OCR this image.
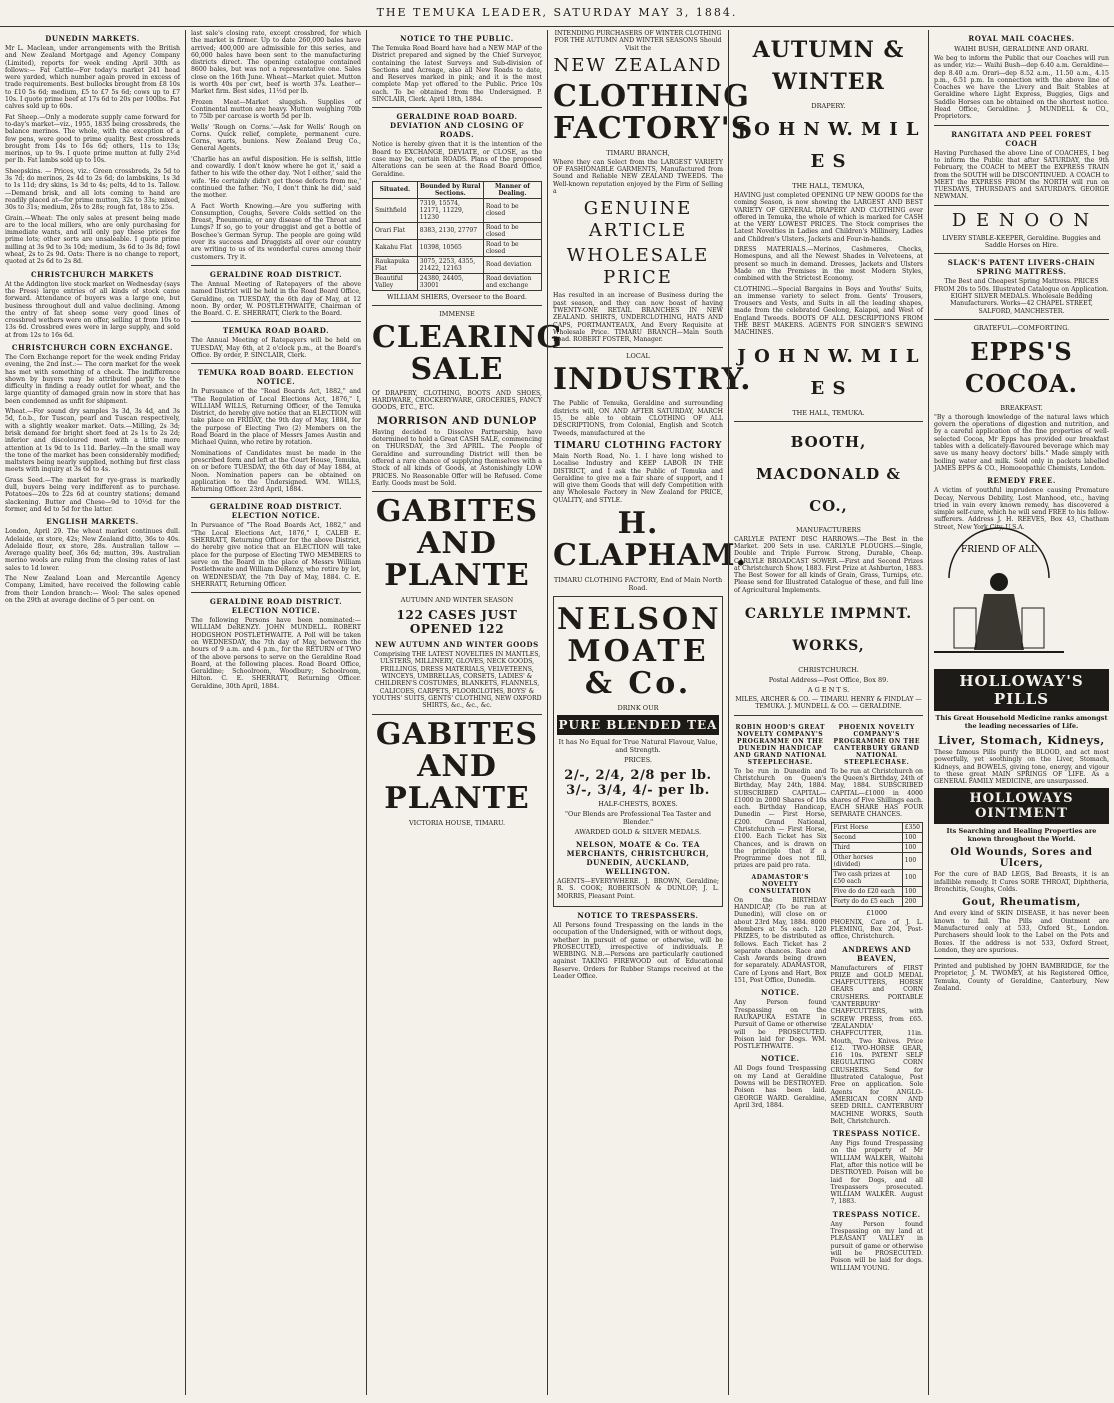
THE TEMUKA LEADER, SATURDAY MAY 3, 1884.
DUNEDIN MARKETS.

Mr L. Maclean, under arrangements with the British and New Zealand Mortgage and Agency Company (Limited), reports for week ending April 30th as follows:— Fat Cattle—For today's market 241 head were yarded, which number again proved in excess of trade requirements. Best bullocks brought from £8 10s to £10 5s 6d; medium, £5 to £7 5s 6d; cows up to £7 10s. I quote prime beef at 17s 6d to 20s per 100lbs. Fat calves sold up to 60s.

Fat Sheep.—Only a moderate supply came forward for to-day's market—viz., 1955, 1835 being crossbreds, the balance merinos. The whole, with the exception of a few pens, were good to prime quality. Best crossbreds brought from 14s to 16s 6d; others, 11s to 13s; merinos, up to 9s. I quote prime mutton at fully 2½d per lb. Fat lambs sold up to 10s.

Sheepskins. — Prices, viz.: Green crossbreds, 2s 5d to 3s 7d; do merinos, 2s 4d to 2s 6d; do lambskins, 1s 3d to 1s 11d; dry skins, 1s 3d to 4s; pelts, 4d to 1s. Tallow.—Demand brisk, and all lots coming to hand are readily placed at—for prime mutton, 32s to 33s; mixed, 30s to 31s; medium, 26s to 28s; rough fat, 18s to 25s.

Grain.—Wheat: The only sales at present being made are to the local millers, who are only purchasing for immediate wants, and will only pay these prices for prime lots; other sorts are unsaleable. I quote prime milling at 3s 9d to 3s 10d; medium, 3s 6d to 3s 8d; fowl wheat, 2s to 2s 9d. Oats: There is no change to report, quoted at 2s 6d to 2s 8d.

CHRISTCHURCH MARKETS

At the Addington live stock market on Wednesday (says the Press) large entries of all kinds of stock came forward. Attendance of buyers was a large one, but business throughout dull and value declining. Among the entry of fat sheep some very good lines of crossbred wethers were on offer, selling at from 10s to 13s 6d. Crossbred ewes were in large supply, and sold at from 12s to 16s 6d.

CHRISTCHURCH CORN EXCHANGE.

The Corn Exchange report for the week ending Friday evening, the 2nd inst.:— The corn market for the week has met with something of a check. The indifference shown by buyers may be attributed partly to the difficulty in finding a ready outlet for wheat, and the large quantity of damaged grain now in store that has been condemned as unfit for shipment.

Wheat.—For sound dry samples 3s 3d, 3s 4d, and 3s 5d, f.o.b., for Tuscan, pearl and Tuscan respectively, with a slightly weaker market. Oats.—Milling, 2s 3d; brisk demand for bright short feed at 2s 1s to 2s 2d; inferior and discoloured meet with a little more attention at 1s 9d to 1s 11d. Barley.—In the small way the tone of the market has been considerably modified; maltsters being nearly supplied, nothing but first class meets with inquiry at 3s 6d to 4s.

Grass Seed.—The market for rye-grass is markedly dull, buyers being very indifferent as to purchase. Potatoes—20s to 22s 6d at country stations; demand slackening. Butter and Chese—9d to 10½d for the former, and 4d to 5d for the latter.

ENGLISH MARKETS.

London, April 29. The wheat market continues dull. Adelaide, ex store, 42s; New Zealand ditto, 36s to 40s. Adelaide flour, ex store, 28s. Australian tallow — Average quality beef, 36s 6d; mutton, 39s. Australian merino wools are ruling from the closing rates of last sales to 1d lower.

The New Zealand Loan and Mercantile Agency Company, Limited, have received the following cable from their London branch:— Wool: The sales opened on the 29th at average decline of 5 per cent. on

last sale's closing rate, except crossbred, for which the market is firmer. Up to date 260,000 bales have arrived; 400,000 are admissible for this series, and 60,000 bales have been sent to the manufacturing districts direct. The opening catalogue contained 8600 bales, but was not a representative one. Sales close on the 16th June. Wheat—Market quiet. Mutton is worth 40s per cwt, beef is worth 37s. Leather—Market firm. Best sides, 11½d per lb.

Frozen Meat—Market sluggish. Supplies of Continental mutton are heavy. Mutton weighing 70lb to 75lb per carcase is worth 5d per lb.

Wells' 'Rough on Corns.'—Ask for Wells' Rough on Corns. Quick relief, complete, permanent cure. Corns, warts, bunions. New Zealand Drug Co., General Agents.

'Charlie has an awful disposition. He is selfish, little and cowardly. I don't know where he got it,' said a father to his wife the other day. 'Not I either,' said the wife. 'He certainly didn't get those defects from me,' continued the father. 'No, I don't think he did,' said the mother.

A Fact Worth Knowing.—Are you suffering with Consumption, Coughs, Severe Colds settled on the Breast, Pneumonia, or any disease of the Throat and Lungs? If so, go to your druggist and get a bottle of Boschee's German Syrup. The people are going wild over its success and Druggists all over our country are writing to us of its wonderful cures among their customers. Try it.

GERALDINE ROAD DISTRICT.

The Annual Meeting of Ratepayers of the above named District will be held in the Road Board Office, Geraldine, on TUESDAY, the 6th day of May, at 12 noon. By order, W. POSTLETHWAITE, Chairman of the Board. C. E. SHERRATT, Clerk to the Board.

TEMUKA ROAD BOARD.

The Annual Meeting of Ratepayers will be held on TUESDAY, May 6th, at 2 o'clock p.m., at the Board's Office. By order, P. SINCLAIR, Clerk.

TEMUKA ROAD BOARD. ELECTION NOTICE.

In Pursuance of the "Road Boards Act, 1882," and "The Regulation of Local Elections Act, 1876," I, WILLIAM WILLS, Returning Officer, of the Temuka District, do hereby give notice that an ELECTION will take place on FRIDAY, the 9th day of May, 1884, for the purpose of Electing Two (2) Members on the Road Board in the place of Messrs James Austin and Michael Quinn, who retire by rotation.

Nominations of Candidates must be made in the prescribed form and left at the Court House, Temuka, on or before TUESDAY, the 6th day of May 1884, at Noon. Nomination papers can be obtained on application to the Undersigned. WM. WILLS, Returning Officer. 23rd April, 1884.

GERALDINE ROAD DISTRICT. ELECTION NOTICE.

In Pursuance of "The Road Boards Act, 1882," and "The Local Elections Act, 1876," I, CALEB E. SHERRATT, Returning Officer for the above District, do hereby give notice that an ELECTION will take place for the purpose of Electing TWO MEMBERS to serve on the Board in the place of Messrs William Postlethwaite and William DeRenzy, who retire by lot, on WEDNESDAY, the 7th Day of May, 1884. C. E. SHERRATT, Returning Officer.

GERALDINE ROAD DISTRICT. ELECTION NOTICE.

The following Persons have been nominated:— WILLIAM DeRENZY. JOHN MUNDELL. ROBERT HODGSHON POSTLETHWAITE. A Poll will be taken on WEDNESDAY, the 7th day of May, between the hours of 9 a.m. and 4 p.m., for the RETURN of TWO of the above persons to serve on the Geraldine Road Board, at the following places. Road Board Office, Geraldine; Schoolroom, Woodbury; Schoolroom, Hilton. C. E. SHERRATT, Returning Officer. Geraldine, 30th April, 1884.

NOTICE TO THE PUBLIC.

The Temuka Road Board have had a NEW MAP of the District prepared and signed by the Chief Surveyor, containing the latest Surveys and Sub-division of Sections and Acreage, also all New Roads to date, and Reserves marked in pink; and it is the most complete Map yet offered to the Public. Price 10s each. To be obtained from the Undersigned. P. SINCLAIR, Clerk. April 18th, 1884.

GERALDINE ROAD BOARD. DEVIATION AND CLOSING OF ROADS.

Notice is hereby given that it is the intention of the Board to EXCHANGE, DEVIATE, or CLOSE, as the case may be, certain ROADS. Plans of the proposed Alterations can be seen at the Road Board Office, Geraldine.

Situated.	Bounded by Rural Sections.	Manner of Dealing.
Smithfield	7319, 15574, 12171, 11229, 11230	Road to be closed
Orari Flat	8383, 2130, 27797	Road to be closed
Kakahu Flat	10398, 10565	Road to be closed
Raukapuka Flat	3075, 2253, 4355, 21422, 12163	Road deviation
Beautiful Valley	24380, 24405, 33001	Road deviation and exchange

WILLIAM SHIERS, Overseer to the Board.

IMMENSE
CLEARING SALE

Of DRAPERY, CLOTHING, BOOTS AND SHOES, HARDWARE, CROCKERYWARE, GROCERIES, FANCY GOODS, ETC., ETC.

MORRISON AND DUNLOP

Having decided to Dissolve Partnership, have determined to hold a Great CASH SALE, commencing on THURSDAY, the 3rd APRIL. The People of Geraldine and surrounding District will then be offered a rare chance of supplying themselves with a Stock of all kinds of Goods, at Astonishingly LOW PRICES. No Reasonable Offer will be Refused. Come Early. Goods must be Sold.

GABITES AND PLANTE
AUTUMN AND WINTER SEASON
122 CASES JUST OPENED 122
NEW AUTUMN AND WINTER GOODS

Comprising THE LATEST NOVELTIES IN MANTLES, ULSTERS, MILLINERY, GLOVES, NECK GOODS, FRILLINGS, DRESS MATERIALS, VELVETEENS, WINCEYS, UMBRELLAS, CORSETS, LADIES' & CHILDREN'S COSTUMES, BLANKETS, FLANNELS, CALICOES, CARPETS, FLOORCLOTHS, BOYS' & YOUTHS' SUITS, GENTS' CLOTHING, NEW OXFORD SHIRTS, &c., &c., &c.

GABITES AND PLANTE
VICTORIA HOUSE, TIMARU.

INTENDING PURCHASERS OF WINTER CLOTHING FOR THE AUTUMN AND WINTER SEASONS Should Visit the

NEW ZEALAND
CLOTHING FACTORY'S
TIMARU BRANCH,

Where they can Select from the LARGEST VARIETY OF FASHIONABLE GARMENTS, Manufactured from Sound and Reliable NEW ZEALAND TWEEDS. The Well-known reputation enjoyed by the Firm of Selling a

GENUINE ARTICLE
WHOLESALE PRICE

Has resulted in an increase of Business during the past season, and they can now boast of having TWENTY-ONE RETAIL BRANCHES IN NEW ZEALAND. SHIRTS, UNDERCLOTHING, HATS AND CAPS, PORTMANTEAUX, And Every Requisite at Wholesale Price. TIMARU BRANCH—Main South Road. ROBERT FOSTER, Manager.

LOCAL
INDUSTRY.

The Public of Temuka, Geraldine and surrounding districts will, ON AND AFTER SATURDAY, MARCH 15, be able to obtain CLOTHING OF ALL DESCRIPTIONS, from Colonial, English and Scotch Tweeds, manufactured at the

TIMARU CLOTHING FACTORY

Main North Road, No. 1. I have long wished to Localise Industry and KEEP LABOR IN THE DISTRICT, and I ask the Public of Temuka and Geraldine to give me a fair share of support, and I will give them Goods that will defy Competition with any Wholesale Factory in New Zealand for PRICE, QUALITY, and STYLE.

H. CLAPHAM.
TIMARU CLOTHING FACTORY, End of Main North Road.
NELSON MOATE & Co.
DRINK OUR
PURE BLENDED TEA
It has No Equal for True Natural Flavour, Value, and Strength.
PRICES.
2/-, 2/4, 2/8 per lb. 3/-, 3/4, 4/- per lb.
HALF-CHESTS, BOXES.
"Our Blends are Professional Tea Taster and Blender."
AWARDED GOLD & SILVER MEDALS.
NELSON, MOATE & Co. TEA MERCHANTS, CHRISTCHURCH, DUNEDIN, AUCKLAND, WELLINGTON.

AGENTS—EVERYWHERE. J. BROWN, Geraldine; R. S. COOK; ROBERTSON & DUNLOP; J. L. MORRIS, Pleasant Point.

NOTICE TO TRESPASSERS.

All Persons found Trespassing on the lands in the occupation of the Undersigned, with or without dogs, whether in pursuit of game or otherwise, will be PROSECUTED, irrespective of individuals. P. WEBBING. N.B.—Persons are particularly cautioned against TAKING FIREWOOD out of Educational Reserve. Orders for Rubber Stamps received at the Leader Office.

AUTUMN & WINTER
DRAPERY.
J O H N W. M I L E S
THE HALL, TEMUKA,

HAVING just completed OPENING UP NEW GOODS for the coming Season, is now showing the LARGEST AND BEST VARIETY OF GENERAL DRAPERY AND CLOTHING ever offered in Temuka, the whole of which is marked for CASH at the VERY LOWEST PRICES. The Stock comprises the Latest Novelties in Ladies and Children's Millinery, Ladies and Children's Ulsters, Jackets and Four-in-hands.

DRESS MATERIALS.—Merinos, Cashmeres, Checks, Homespuns, and all the Newest Shades in Velveteens, at present so much in demand. Dresses, Jackets and Ulsters Made on the Premises in the most Modern Styles, combined with the Strictest Economy.

CLOTHING.—Special Bargains in Boys and Youths' Suits, an immense variety to select from. Gents' Trousers, Trousers and Vests, and Suits in all the leading shapes, made from the celebrated Geelong, Kaiapoi, and West of England Tweeds. BOOTS OF ALL DESCRIPTIONS FROM THE BEST MAKERS. AGENTS FOR SINGER'S SEWING MACHINES.

J O H N W. M I L E S
THE HALL, TEMUKA.
BOOTH, MACDONALD & CO.,
MANUFACTURERS

CARLYLE PATENT DISC HARROWS.—The Best in the Market. 200 Sets in use. CARLYLE PLOUGHS.—Single, Double and Triple Furrow. Strong, Durable, Cheap. CARLYLE BROADCAST SOWER.—First and Second Prizes at Christchurch Show, 1883. First Prize at Ashburton, 1883. The Best Sower for all kinds of Grain, Grass, Turnips, etc. Please send for Illustrated Catalogue of these, and full line of Agricultural Implements.

CARLYLE IMPMNT. WORKS,
CHRISTCHURCH.
Postal Address—Post Office, Box 89.
A G E N T S.

MILES, ARCHER & CO. — TIMARU. HENRY & FINDLAY — TEMUKA. J. MUNDELL & CO. — GERALDINE.

ROBIN HOOD'S GREAT NOVELTY COMPANY'S PROGRAMME ON THE DUNEDIN HANDICAP AND GRAND NATIONAL STEEPLECHASE.

To be run in Dunedin and Christchurch on Queen's Birthday, May 24th, 1884. SUBSCRIBED CAPITAL—£1000 in 2000 Shares of 10s each. Birthday Handicap, Dunedin — First Horse, £200. Grand National, Christchurch — First Horse, £100. Each Ticket has Six Chances, and is drawn on the principle that if a Programme does not fill, prizes are paid pro rata.

ADAMASTOR'S NOVELTY CONSULTATION

On the BIRTHDAY HANDICAP, (To be run at Dunedin), will close on or about 23rd May, 1884. 8000 Members at 5s each. 120 PRIZES, to be distributed as follows. Each Ticket has 2 separate chances. Race and Cash Awards being drawn for separately. ADAMASTOR, Care of Lyons and Hart, Box 151, Post Office, Dunedin.

NOTICE.

Any Person found Trespassing on the RAUKAPUKA ESTATE in Pursuit of Game or otherwise will be PROSECUTED. Poison laid for Dogs. WM. POSTLETHWAITE.

NOTICE.

All Dogs found Trespassing on my Land at Geraldine Downs will be DESTROYED. Poison has been laid. GEORGE WARD. Geraldine, April 3rd, 1884.

PHOENIX NOVELTY COMPANY'S PROGRAMME ON THE CANTERBURY GRAND NATIONAL STEEPLECHASE.

To be run at Christchurch on the Queen's Birthday, 24th of May, 1884. SUBSCRIBED CAPITAL—£1000 in 4000 shares of Five Shillings each. EACH SHARE HAS FOUR SEPARATE CHANCES.

First Horse	£350
Second	100
Third	100
Other horses (divided)	100
Two cash prizes at £50 each	100
Five do do £20 each	100
Forty do do £5 each	200
£1000

PHOENIX, Care of J. L. FLEMING, Box 204, Post-office, Christchurch.

ANDREWS AND BEAVEN,

Manufacturers of FIRST PRIZE and GOLD MEDAL CHAFFCUTTERS, HORSE GEARS and CORN CRUSHERS. PORTABLE 'CANTERBURY' CHAFFCUTTERS, with SCREW PRESS, from £65. 'ZEALANDIA' CHAFFCUTTER, 11in. Mouth, Two Knives. Price £12. TWO-HORSE GEAR, £16 10s. PATENT SELF REGULATING CORN CRUSHERS. Send for Illustrated Catalogue, Post Free on application. Sole Agents for ANGLO-AMERICAN CORN AND SEED DRILL. CANTERBURY MACHINE WORKS, South Belt, Christchurch.

TRESPASS NOTICE.

Any Pigs found Trespassing on the property of Mr WILLIAM WALKER, Waitohi Flat, after this notice will be DESTROYED. Poison will be laid for Dogs, and all Trespassers prosecuted. WILLIAM WALKER. August 7, 1883.

TRESPASS NOTICE.

Any Person found Trespassing on my land at PLEASANT VALLEY in pursuit of game or otherwise will be PROSECUTED. Poison will be laid for dogs. WILLIAM YOUNG.

ROYAL MAIL COACHES.
WAIHI BUSH, GERALDINE AND ORARI.

We beg to inform the Public that our Coaches will run as under, viz:— Waihi Bush—dep 6.40 a.m. Geraldine—dep 8.40 a.m. Orari—dep 8.52 a.m., 11.50 a.m., 4.15 p.m., 6.51 p.m. In connection with the above line of Coaches we have the Livery and Bait Stables at Geraldine where Light Express, Buggies, Gigs and Saddle Horses can be obtained on the shortest notice. Head Office, Geraldine. J. MUNDELL & CO., Proprietors.

RANGITATA AND PEEL FOREST COACH

Having Purchased the above Line of COACHES, I beg to inform the Public that after SATURDAY, the 9th February, the COACH to MEET the EXPRESS TRAIN from the SOUTH will be DISCONTINUED. A COACH to MEET the EXPRESS FROM the NORTH will run on TUESDAYS, THURSDAYS and SATURDAYS. GEORGE NEWMAN.

D E N O O N

LIVERY STABLE-KEEPER, Geraldine. Buggies and Saddle Horses on Hire.

SLACK'S PATENT LIVERS-CHAIN SPRING MATTRESS.

The Best and Cheapest Spring Mattress. PRICES FROM 20s to 50s. Illustrated Catalogue on Application. EIGHT SILVER MEDALS. Wholesale Bedding Manufacturers. Works—42 CHAPEL STREET, SALFORD, MANCHESTER.

GRATEFUL—COMFORTING.
EPPS'S COCOA.
BREAKFAST.

"By a thorough knowledge of the natural laws which govern the operations of digestion and nutrition, and by a careful application of the fine properties of well-selected Cocoa, Mr Epps has provided our breakfast tables with a delicately-flavoured beverage which may save us many heavy doctors' bills." Made simply with boiling water and milk. Sold only in packets labelled JAMES EPPS & CO., Homoeopathic Chemists, London.

REMEDY FREE.

A victim of youthful imprudence causing Premature Decay, Nervous Debility, Lost Manhood, etc., having tried in vain every known remedy, has discovered a simple self-cure, which he will send FREE to his fellow-sufferers. Address J. H. REEVES, Box 43, Chatham Street, New York City, U.S.A.

FRIEND OF ALL
HOLLOWAY'S PILLS
This Great Household Medicine ranks amongst the leading necessaries of Life.
Liver, Stomach, Kidneys,

These famous Pills purify the BLOOD, and act most powerfully, yet soothingly on the Liver, Stomach, Kidneys, and BOWELS, giving tone, energy, and vigour to these great MAIN SPRINGS OF LIFE. As a GENERAL FAMILY MEDICINE, are unsurpassed.

HOLLOWAYS OINTMENT
Its Searching and Healing Properties are known throughout the World.
Old Wounds, Sores and Ulcers,

For the cure of BAD LEGS, Bad Breasts, it is an infallible remedy. It Cures SORE THROAT, Diphtheria, Bronchitis, Coughs, Colds.

Gout, Rheumatism,

And every kind of SKIN DISEASE, it has never been known to fail. The Pills and Ointment are Manufactured only at 533, Oxford St., London. Purchasers should look to the Label on the Pots and Boxes. If the address is not 533, Oxford Street, London, they are spurious.

Printed and published by JOHN BAMBRIDGE, for the Proprietor, J. M. TWOMEY, at his Registered Office, Temuka, County of Geraldine, Canterbury, New Zealand.
